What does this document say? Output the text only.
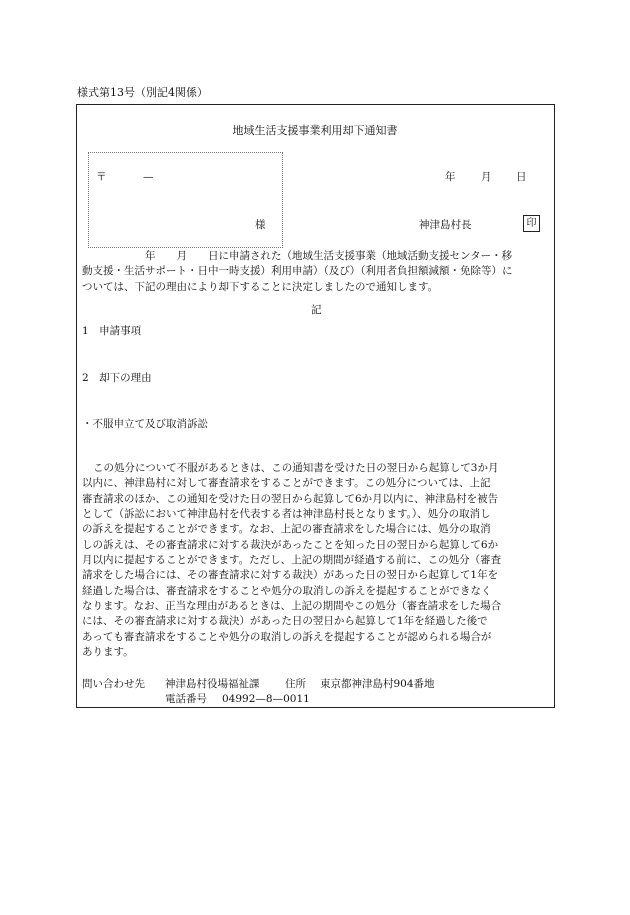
様式第13号（別記4関係）
地域生活支援事業利用却下通知書
〒	—
様
年 月 日
神津島村長	印
年　　月　　日に申請された（地域生活支援事業（地域活動支援センター・移
動支援・生活サポート・日中一時支援）利用申請）（及び）（利用者負担額減額・免除等）に
ついては、下記の理由により却下することに決定しましたので通知します。
記
1　申請事項
2　却下の理由
・不服申立て及び取消訴訟
この処分について不服があるときは、この通知書を受けた日の翌日から起算して3か月
以内に、神津島村に対して審査請求をすることができます。この処分については、上記
審査請求のほか、この通知を受けた日の翌日から起算して6か月以内に、神津島村を被告
として（訴訟において神津島村を代表する者は神津島村長となります。）、処分の取消し
の訴えを提起することができます。なお、上記の審査請求をした場合には、処分の取消
しの訴えは、その審査請求に対する裁決があったことを知った日の翌日から起算して6か
月以内に提起することができます。ただし、上記の期間が経過する前に、この処分（審査
請求をした場合には、その審査請求に対する裁決）があった日の翌日から起算して1年を
経過した場合は、審査請求をすることや処分の取消しの訴えを提起することができなく
なります。なお、正当な理由があるときは、上記の期間やこの処分（審査請求をした場合
には、その審査請求に対する裁決）があった日の翌日から起算して1年を経過した後で
あっても審査請求をすることや処分の取消しの訴えを提起することが認められる場合が
あります。
問い合わせ先 神津島村役場福祉課 住所 東京都神津島村904番地
電話番号 04992—8—0011
